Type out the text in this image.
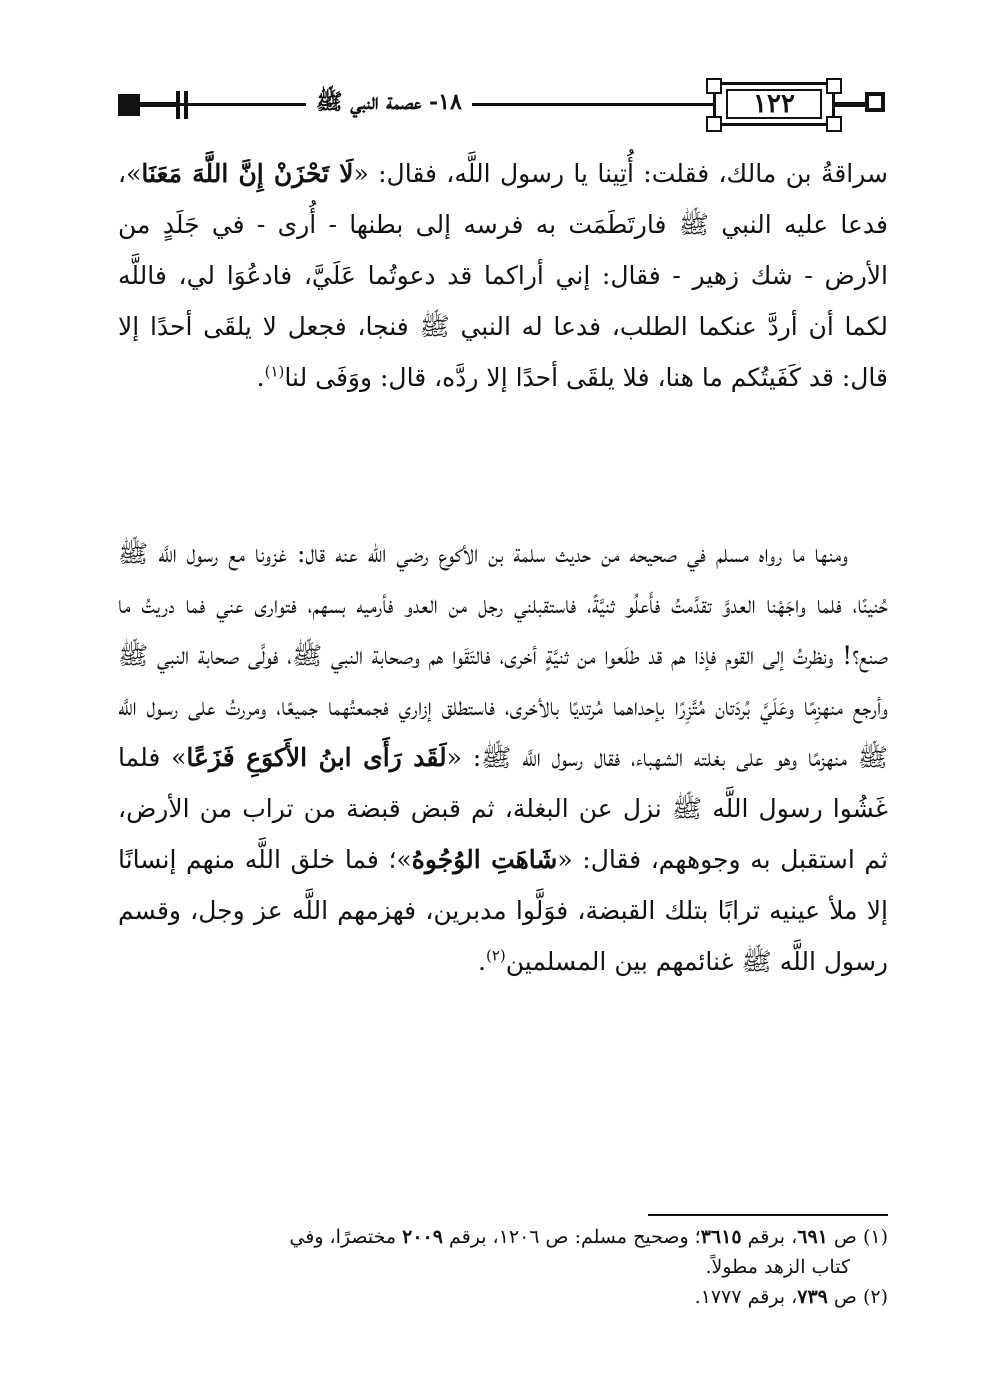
١٨- عصمة النبي ﷺ	١٢٢

سراقةُ بن مالك، فقلت: أُتِينا يا رسول اللَّه، فقال: «لَا تَحْزَنْ إِنَّ اللَّهَ مَعَنَا»، فدعا عليه النبي ﷺ فارتَطَمَت به فرسه إلى بطنها - أُرى - في جَلَدٍ من الأرض - شك زهير - فقال: إني أراكما قد دعوتُما عَلَيَّ، فادعُوَا لي، فاللَّه لكما أن أردَّ عنكما الطلب، فدعا له النبي ﷺ فنجا، فجعل لا يلقَى أحدًا إلا قال: قد كَفَيتُكم ما هنا، فلا يلقَى أحدًا إلا ردَّه، قال: ووَفَى لنا$^{(١)}$.

ومنها ما رواه مسلم في صحيحه من حديث سلمة بن الأكوع رضي الله عنه قال: غزونا مع رسول اللَّه ﷺ حُنينًا، فلما واجَهْنا العدوَّ تقدَّمتُ فأَعلُو ثنيَّةً، فاستقبلني رجل من العدو فأرميه بسهم، فتوارى عني فما دريتُ ما صنع؟! ونظرتُ إلى القوم فإذا هم قد طلَعوا من ثنيَّةٍ أخرى، فالتَقَوا هم وصحابة النبي ﷺ، فولَّى صحابة النبي ﷺ وأرجع منهزِمًا وعَلَيَّ بُردَتان مُتَّزِرًا بإحداهما مُرتديًا بالأخرى، فاستطلق إزاري فجمعتُهما جميعًا، ومررتُ على رسول اللَّه ﷺ منهزمًا وهو على بغلته الشهباء، فقال رسول اللَّه ﷺ: «لَقَد رَأَى ابنُ الأَكوَعِ فَزَعًا» فلما غَشُوا رسول اللَّه ﷺ نزل عن البغلة، ثم قبض قبضة من تراب من الأرض، ثم استقبل به وجوههم، فقال: «شَاهَتِ الوُجُوهُ»؛ فما خلق اللَّه منهم إنسانًا إلا ملأ عينيه ترابًا بتلك القبضة، فوَلَّوا مدبرين، فهزمهم اللَّه عز وجل، وقسم رسول اللَّه ﷺ غنائمهم بين المسلمين$^{(٢)}$.

(١) ص ٦٩١، برقم ٣٦١٥؛ وصحيح مسلم: ص ١٢٠٦، برقم ٢٠٠٩ مختصرًا، وفي

كتاب الزهد مطولاً.

(٢) ص ٧٣٩، برقم ١٧٧٧.
